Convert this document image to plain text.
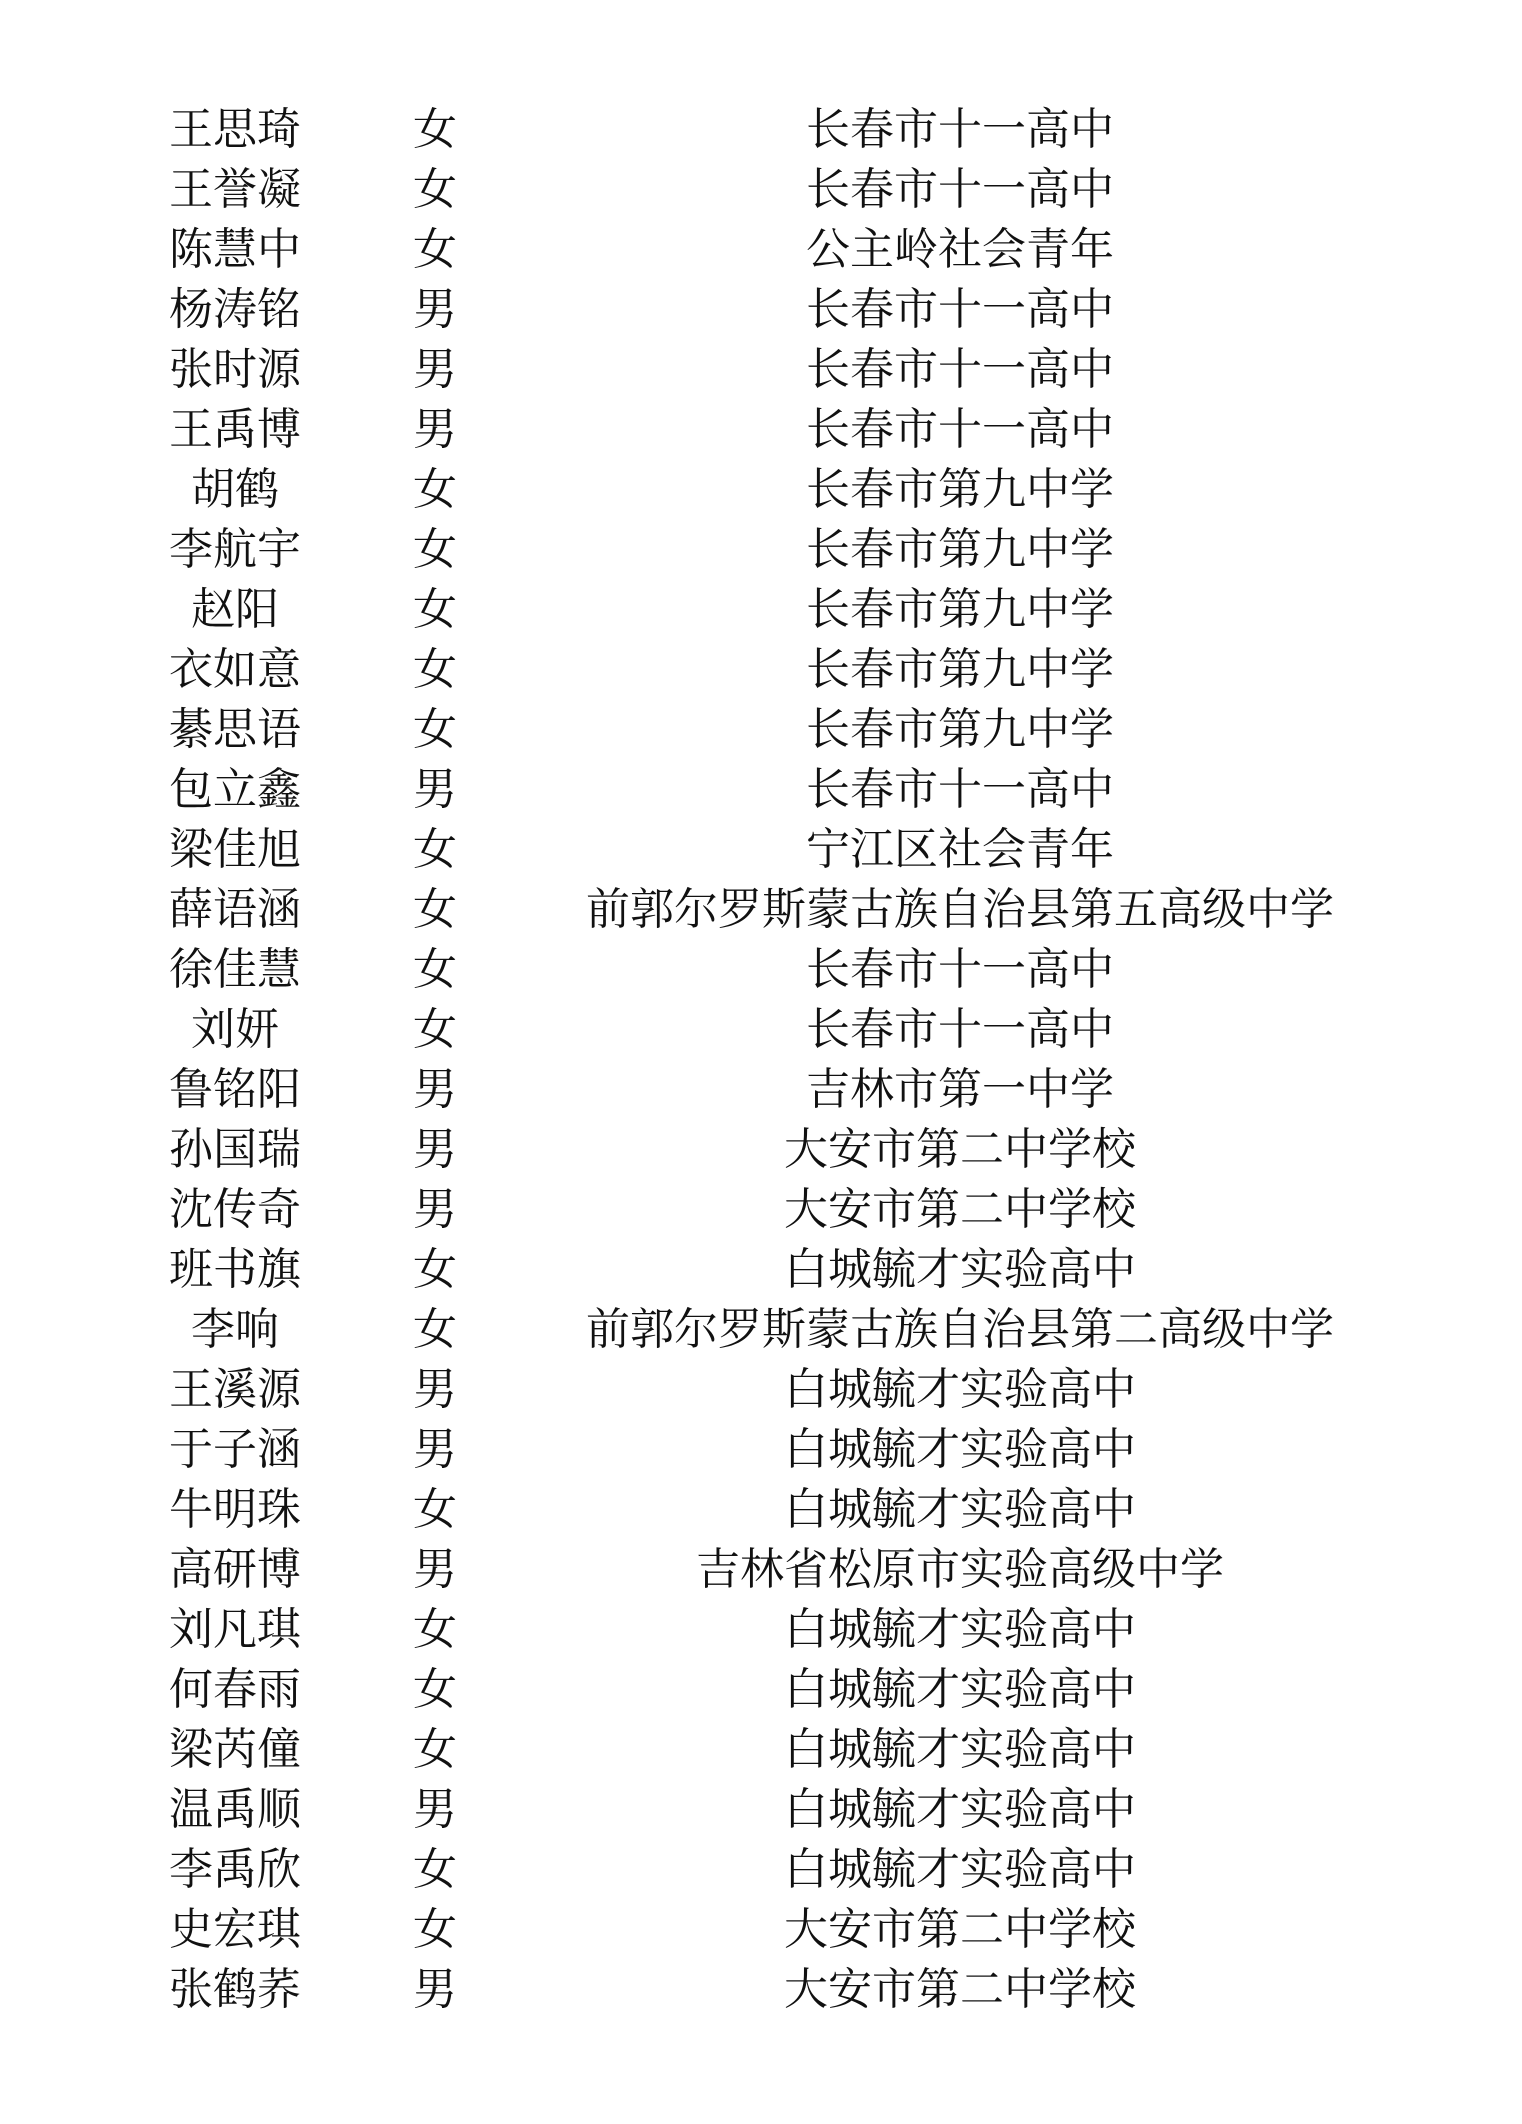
王思琦	女	长春市十一高中
王誉凝	女	长春市十一高中
陈慧中	女	公主岭社会青年
杨涛铭	男	长春市十一高中
张时源	男	长春市十一高中
王禹博	男	长春市十一高中
胡鹤	女	长春市第九中学
李航宇	女	长春市第九中学
赵阳	女	长春市第九中学
衣如意	女	长春市第九中学
綦思语	女	长春市第九中学
包立鑫	男	长春市十一高中
梁佳旭	女	宁江区社会青年
薛语涵	女	前郭尔罗斯蒙古族自治县第五高级中学
徐佳慧	女	长春市十一高中
刘妍	女	长春市十一高中
鲁铭阳	男	吉林市第一中学
孙国瑞	男	大安市第二中学校
沈传奇	男	大安市第二中学校
班书旗	女	白城毓才实验高中
李响	女	前郭尔罗斯蒙古族自治县第二高级中学
王溪源	男	白城毓才实验高中
于子涵	男	白城毓才实验高中
牛明珠	女	白城毓才实验高中
高研博	男	吉林省松原市实验高级中学
刘凡琪	女	白城毓才实验高中
何春雨	女	白城毓才实验高中
梁芮僮	女	白城毓才实验高中
温禹顺	男	白城毓才实验高中
李禹欣	女	白城毓才实验高中
史宏琪	女	大安市第二中学校
张鹤荞	男	大安市第二中学校
